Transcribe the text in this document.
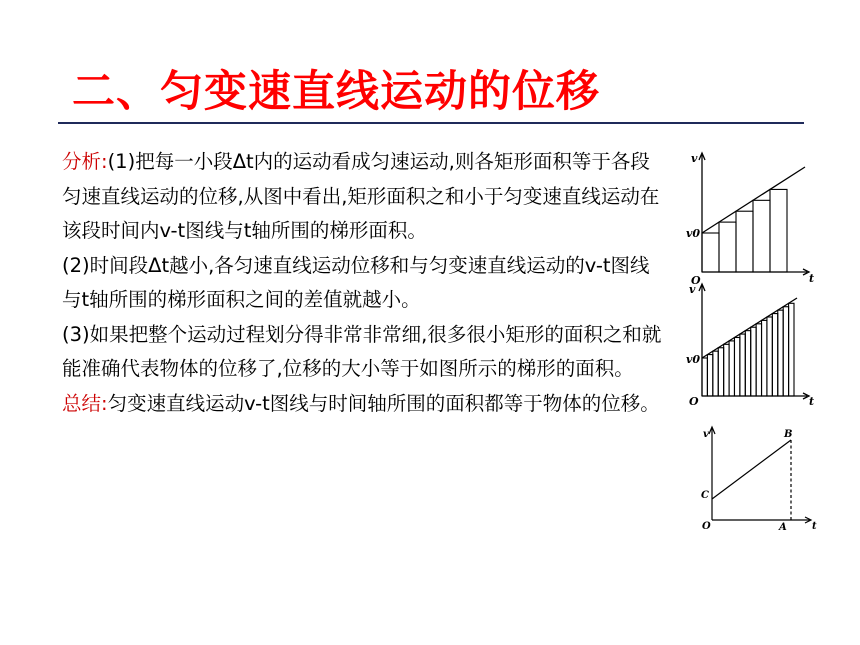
二、匀变速直线运动的位移

分析:(1)把每一小段Δt内的运动看成匀速运动,则各矩形面积等于各段匀速直线运动的位移,从图中看出,矩形面积之和小于匀变速直线运动在该段时间内v-t图线与t轴所围的梯形面积。

(2)时间段Δt越小,各匀速直线运动位移和与匀变速直线运动的v-t图线与t轴所围的梯形面积之间的差值就越小。

(3)如果把整个运动过程划分得非常非常细,很多很小矩形的面积之和就能准确代表物体的位移了,位移的大小等于如图所示的梯形的面积。

总结:匀变速直线运动v-t图线与时间轴所围的面积都等于物体的位移。

v
v0
O	t
v
v0
O	t
v	B
C
O	A	t
